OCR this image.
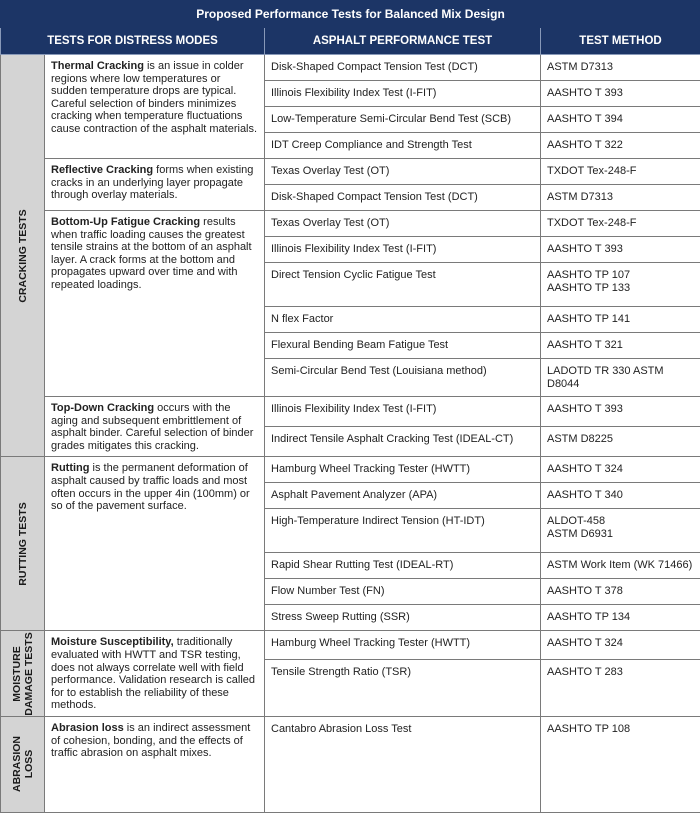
Proposed Performance Tests for Balanced Mix Design			
TESTS FOR DISTRESS MODES		ASPHALT PERFORMANCE TEST	TEST METHOD

CRACKING TESTS	Thermal Cracking is an issue in colder regions where low temperatures or sudden temperature drops are typical. Careful selection of binders minimizes cracking when temperature fluctuations cause contraction of the asphalt materials.	Disk-Shaped Compact Tension Test (DCT)	ASTM D7313

		Illinois Flexibility Index Test (I-FIT)	AASHTO T 393

		Low-Temperature Semi-Circular Bend Test (SCB)	AASHTO T 394

		IDT Creep Compliance and Strength Test	AASHTO T 322

	Reflective Cracking forms when existing cracks in an underlying layer propagate through overlay materials.	Texas Overlay Test (OT)	TXDOT Tex-248-F

		Disk-Shaped Compact Tension Test (DCT)	ASTM D7313

	Bottom-Up Fatigue Cracking results when traffic loading causes the greatest tensile strains at the bottom of an asphalt layer. A crack forms at the bottom and propagates upward over time and with repeated loadings.	Texas Overlay Test (OT)	TXDOT Tex-248-F

		Illinois Flexibility Index Test (I-FIT)	AASHTO T 393

		Direct Tension Cyclic Fatigue Test	AASHTO TP 107
AASHTO TP 133

		N flex Factor	AASHTO TP 141

		Flexural Bending Beam Fatigue Test	AASHTO T 321

		Semi-Circular Bend Test (Louisiana method)	LADOTD TR 330 ASTM
D8044

	Top-Down Cracking occurs with the aging and subsequent embrittlement of asphalt binder. Careful selection of binder grades mitigates this cracking.	Illinois Flexibility Index Test (I-FIT)	AASHTO T 393

		Indirect Tensile Asphalt Cracking Test (IDEAL-CT)	ASTM D8225

RUTTING TESTS	Rutting is the permanent deformation of asphalt caused by traffic loads and most often occurs in the upper 4in (100mm) or so of the pavement surface.	Hamburg Wheel Tracking Tester (HWTT)	AASHTO T 324

		Asphalt Pavement Analyzer (APA)	AASHTO T 340

		High-Temperature Indirect Tension (HT-IDT)	ALDOT-458
ASTM D6931

		Rapid Shear Rutting Test (IDEAL-RT)	ASTM Work Item (WK 71466)

		Flow Number Test (FN)	AASHTO T 378

		Stress Sweep Rutting (SSR)	AASHTO TP 134

MOISTURE
DAMAGE TESTS	Moisture Susceptibility, traditionally evaluated with HWTT and TSR testing, does not always correlate well with field performance. Validation research is called for to establish the reliability of these methods.	Hamburg Wheel Tracking Tester (HWTT)	AASHTO T 324

		Tensile Strength Ratio (TSR)	AASHTO T 283

ABRASION
LOSS	Abrasion loss is an indirect assessment of cohesion, bonding, and the effects of traffic abrasion on asphalt mixes.	Cantabro Abrasion Loss Test	AASHTO TP 108
